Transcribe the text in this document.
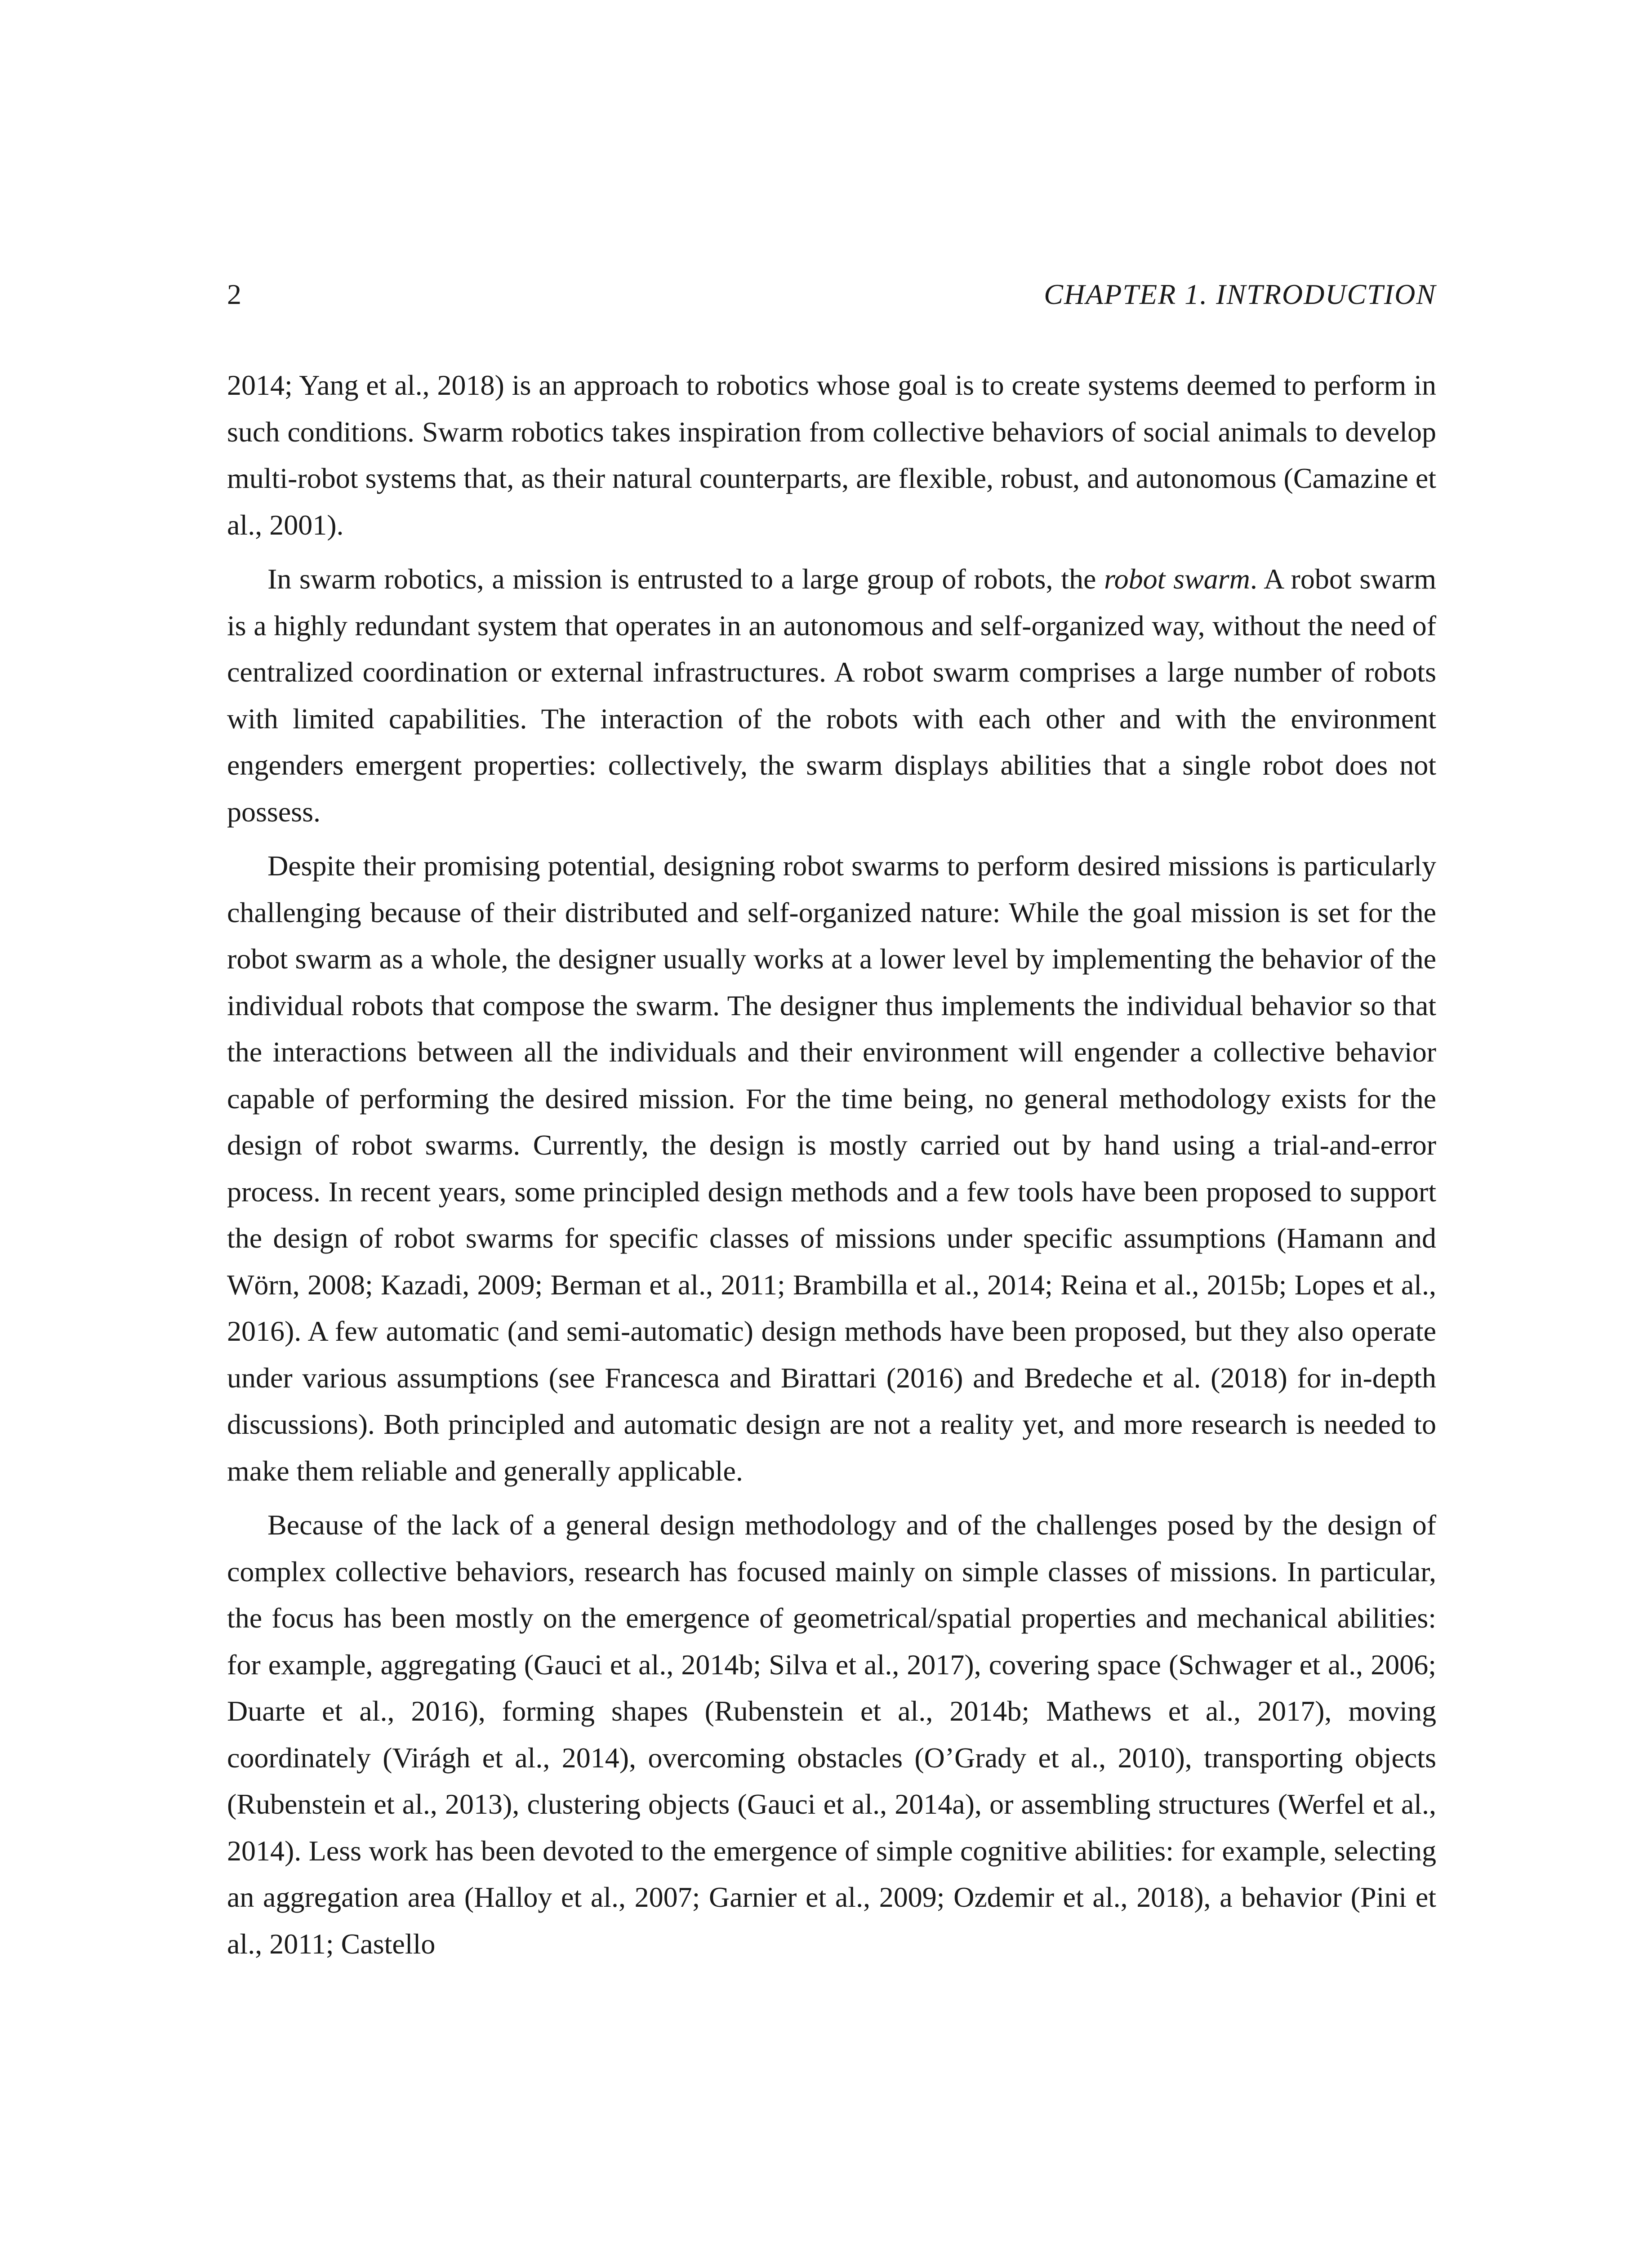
2	CHAPTER 1. INTRODUCTION

2014; Yang et al., 2018) is an approach to robotics whose goal is to create systems deemed to perform in such conditions. Swarm robotics takes inspiration from collective behaviors of social animals to develop multi-robot systems that, as their natural counterparts, are flexible, robust, and autonomous (Camazine et al., 2001).

In swarm robotics, a mission is entrusted to a large group of robots, the robot swarm. A robot swarm is a highly redundant system that operates in an autonomous and self-organized way, without the need of centralized coordination or external infrastructures. A robot swarm comprises a large number of robots with limited capabilities. The interaction of the robots with each other and with the environment engenders emergent properties: collectively, the swarm displays abilities that a single robot does not possess.

Despite their promising potential, designing robot swarms to perform desired missions is particularly challenging because of their distributed and self-organized nature: While the goal mission is set for the robot swarm as a whole, the designer usually works at a lower level by implementing the behavior of the individual robots that compose the swarm. The designer thus implements the individual behavior so that the interactions between all the individuals and their environment will engender a collective behavior capable of performing the desired mission. For the time being, no general methodology exists for the design of robot swarms. Currently, the design is mostly carried out by hand using a trial-and-error process. In recent years, some principled design methods and a few tools have been proposed to support the design of robot swarms for specific classes of missions under specific assumptions (Hamann and Wörn, 2008; Kazadi, 2009; Berman et al., 2011; Brambilla et al., 2014; Reina et al., 2015b; Lopes et al., 2016). A few automatic (and semi-automatic) design methods have been proposed, but they also operate under various assumptions (see Francesca and Birattari (2016) and Bredeche et al. (2018) for in-depth discussions). Both principled and automatic design are not a reality yet, and more research is needed to make them reliable and generally applicable.

Because of the lack of a general design methodology and of the challenges posed by the design of complex collective behaviors, research has focused mainly on simple classes of missions. In particular, the focus has been mostly on the emergence of geometrical/spatial properties and mechanical abilities: for example, aggregating (Gauci et al., 2014b; Silva et al., 2017), covering space (Schwager et al., 2006; Duarte et al., 2016), forming shapes (Rubenstein et al., 2014b; Mathews et al., 2017), moving coordinately (Virágh et al., 2014), overcoming obstacles (O’Grady et al., 2010), transporting objects (Rubenstein et al., 2013), clustering objects (Gauci et al., 2014a), or assembling structures (Werfel et al., 2014). Less work has been devoted to the emergence of simple cognitive abilities: for example, selecting an aggregation area (Halloy et al., 2007; Garnier et al., 2009; Ozdemir et al., 2018), a behavior (Pini et al., 2011; Castello
